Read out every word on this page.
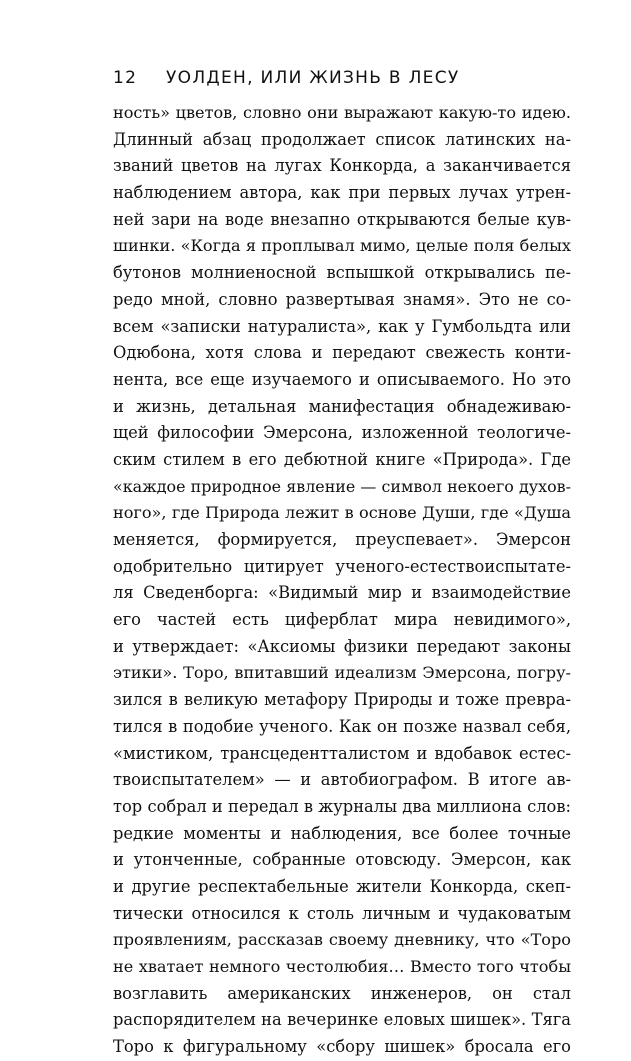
12 УОЛДЕН, ИЛИ ЖИЗНЬ В ЛЕСУ
ность» цветов, словно они выражают какую-то идею.
Длинный абзац продолжает список латинских на-
званий цветов на лугах Конкорда, а заканчивается
наблюдением автора, как при первых лучах утрен-
ней зари на воде внезапно открываются белые кув-
шинки. «Когда я проплывал мимо, целые поля белых
бутонов молниеносной вспышкой открывались пе-
редо мной, словно развертывая знамя». Это не со-
всем «записки натуралиста», как у Гумбольдта или
Одюбона, хотя слова и передают свежесть конти-
нента, все еще изучаемого и описываемого. Но это
и жизнь, детальная манифестация обнадеживаю-
щей философии Эмерсона, изложенной теологиче-
ским стилем в его дебютной книге «Природа». Где
«каждое природное явление — символ некоего духов-
ного», где Природа лежит в основе Души, где «Душа
меняется, формируется, преуспевает». Эмерсон
одобрительно цитирует ученого-естествоиспытате-
ля Сведенборга: «Видимый мир и взаимодействие
его частей есть циферблат мира невидимого»,
и утверждает: «Аксиомы физики передают законы
этики». Торо, впитавший идеализм Эмерсона, погру-
зился в великую метафору Природы и тоже превра-
тился в подобие ученого. Как он позже назвал себя,
«мистиком, трансцедентталистом и вдобавок естес-
твоиспытателем» — и автобиографом. В итоге ав-
тор собрал и передал в журналы два миллиона слов:
редкие моменты и наблюдения, все более точные
и утонченные, собранные отовсюду. Эмерсон, как
и другие респектабельные жители Конкорда, скеп-
тически относился к столь личным и чудаковатым
проявлениям, рассказав своему дневнику, что «Торо
не хватает немного честолюбия… Вместо того чтобы
возглавить американских инженеров, он стал
распорядителем на вечеринке еловых шишек». Тяга
Торо к фигуральному «сбору шишек» бросала его
